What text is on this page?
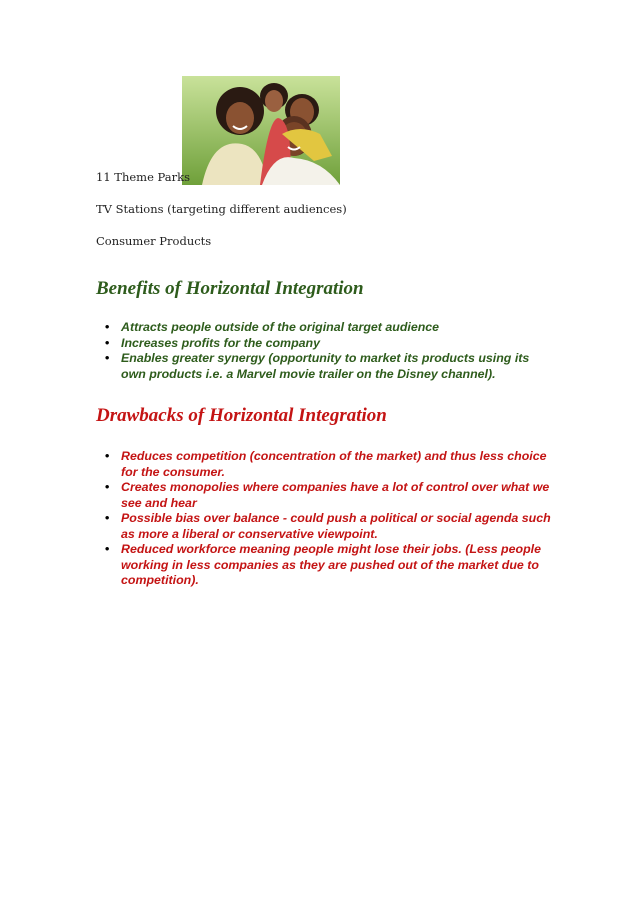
11 Theme Parks

TV Stations (targeting different audiences)

Consumer Products

Benefits of Horizontal Integration
• Attracts people outside of the original target audience
• Increases profits for the company
• Enables greater synergy (opportunity to market its products using its own products i.e. a Marvel movie trailer on the Disney channel).
Drawbacks of Horizontal Integration
• Reduces competition (concentration of the market) and thus less choice for the consumer.
• Creates monopolies where companies have a lot of control over what we see and hear
• Possible bias over balance - could push a political or social agenda such as more a liberal or conservative viewpoint.
• Reduced workforce meaning people might lose their jobs. (Less people working in less companies as they are pushed out of the market due to competition).
